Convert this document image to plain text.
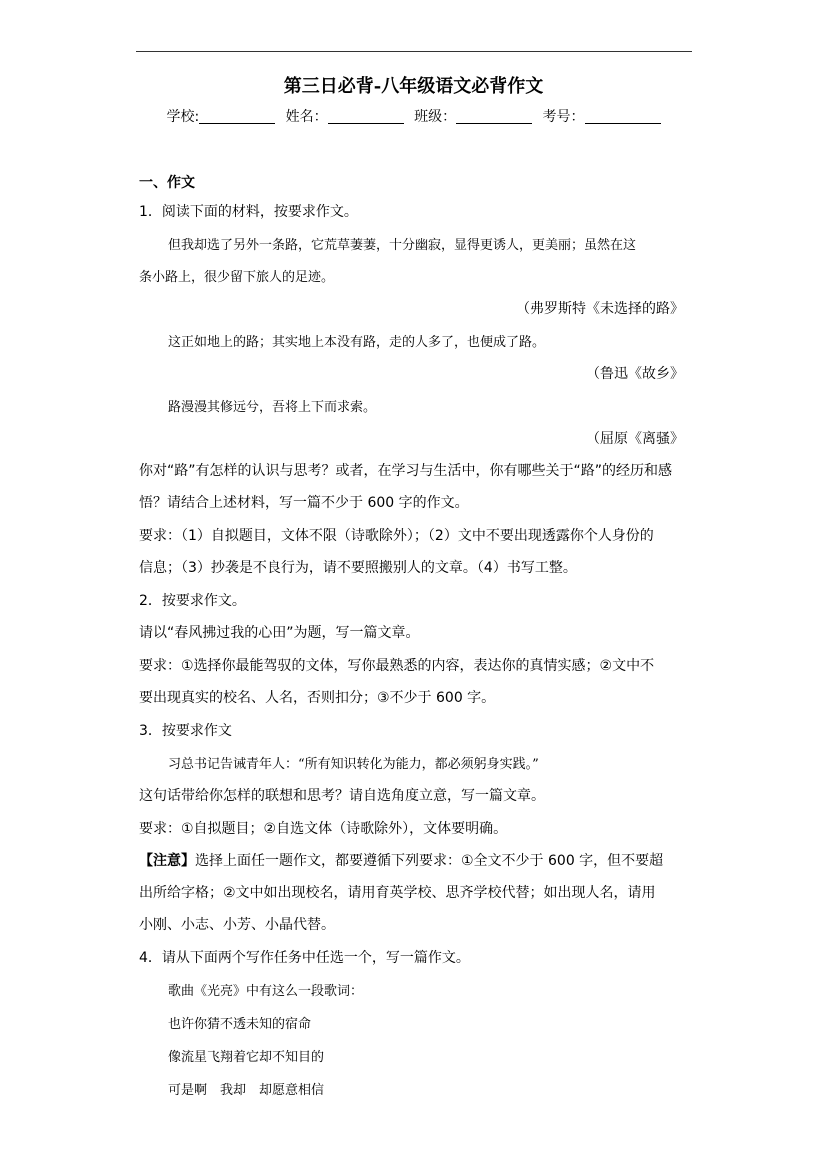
第三日必背-八年级语文必背作文
学校:	姓名：	班级：	考号：
一、作文
1．阅读下面的材料，按要求作文。
但我却选了另外一条路，它荒草萋萋，十分幽寂，显得更诱人，更美丽；虽然在这
条小路上，很少留下旅人的足迹。
（弗罗斯特《未选择的路》
这正如地上的路；其实地上本没有路，走的人多了，也便成了路。
（鲁迅《故乡》
路漫漫其修远兮，吾将上下而求索。
（屈原《离骚》
你对“路”有怎样的认识与思考？或者，在学习与生活中，你有哪些关于“路”的经历和感
悟？请结合上述材料，写一篇不少于 600 字的作文。
要求：（1）自拟题目，文体不限（诗歌除外）；（2）文中不要出现透露你个人身份的
信息；（3）抄袭是不良行为，请不要照搬别人的文章。（4）书写工整。
2．按要求作文。
请以“春风拂过我的心田”为题，写一篇文章。
要求：①选择你最能驾驭的文体，写你最熟悉的内容，表达你的真情实感；②文中不
要出现真实的校名、人名，否则扣分；③不少于 600 字。
3．按要求作文
习总书记告诫青年人：“所有知识转化为能力，都必须躬身实践。”
这句话带给你怎样的联想和思考？请自选角度立意，写一篇文章。
要求：①自拟题目；②自选文体（诗歌除外），文体要明确。
【注意】选择上面任一题作文，都要遵循下列要求：①全文不少于 600 字，但不要超
出所给字格；②文中如出现校名，请用育英学校、思齐学校代替；如出现人名，请用
小刚、小志、小芳、小晶代替。
4．请从下面两个写作任务中任选一个，写一篇作文。
歌曲《光亮》中有这么一段歌词：
也许你猜不透未知的宿命
像流星飞翔着它却不知目的
可是啊　我却　却愿意相信
